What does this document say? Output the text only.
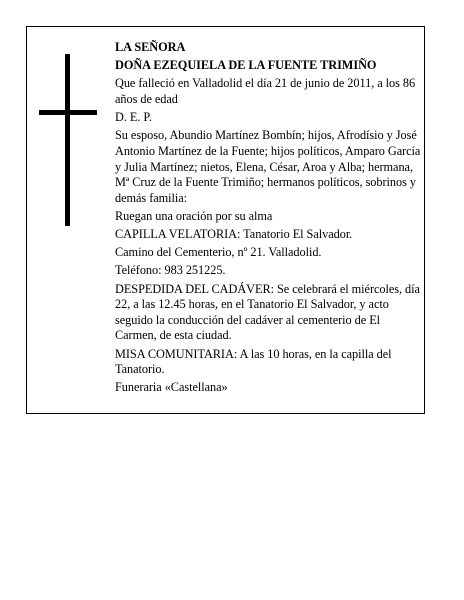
LA SEÑORA

DOÑA EZEQUIELA DE LA FUENTE TRIMIÑO

Que falleció en Valladolid el día 21 de junio de 2011, a los 86 años de edad

D. E. P.

Su esposo, Abundio Martínez Bombín; hijos, Afrodísio y José Antonio Martínez de la Fuente; hijos políticos, Amparo García y Julia Martínez; nietos, Elena, César, Aroa y Alba; hermana, Mª Cruz de la Fuente Trimiño; hermanos políticos, sobrinos y demás familia:

Ruegan una oración por su alma

CAPILLA VELATORIA: Tanatorio El Salvador.

Camino del Cementerio, nº 21. Valladolid.

Teléfono: 983 251225.

DESPEDIDA DEL CADÁVER: Se celebrará el miércoles, día 22, a las 12.45 horas, en el Tanatorio El Salvador, y acto seguido la conducción del cadáver al cementerio de El Carmen, de esta ciudad.

MISA COMUNITARIA: A las 10 horas, en la capilla del Tanatorio.

Funeraria «Castellana»
